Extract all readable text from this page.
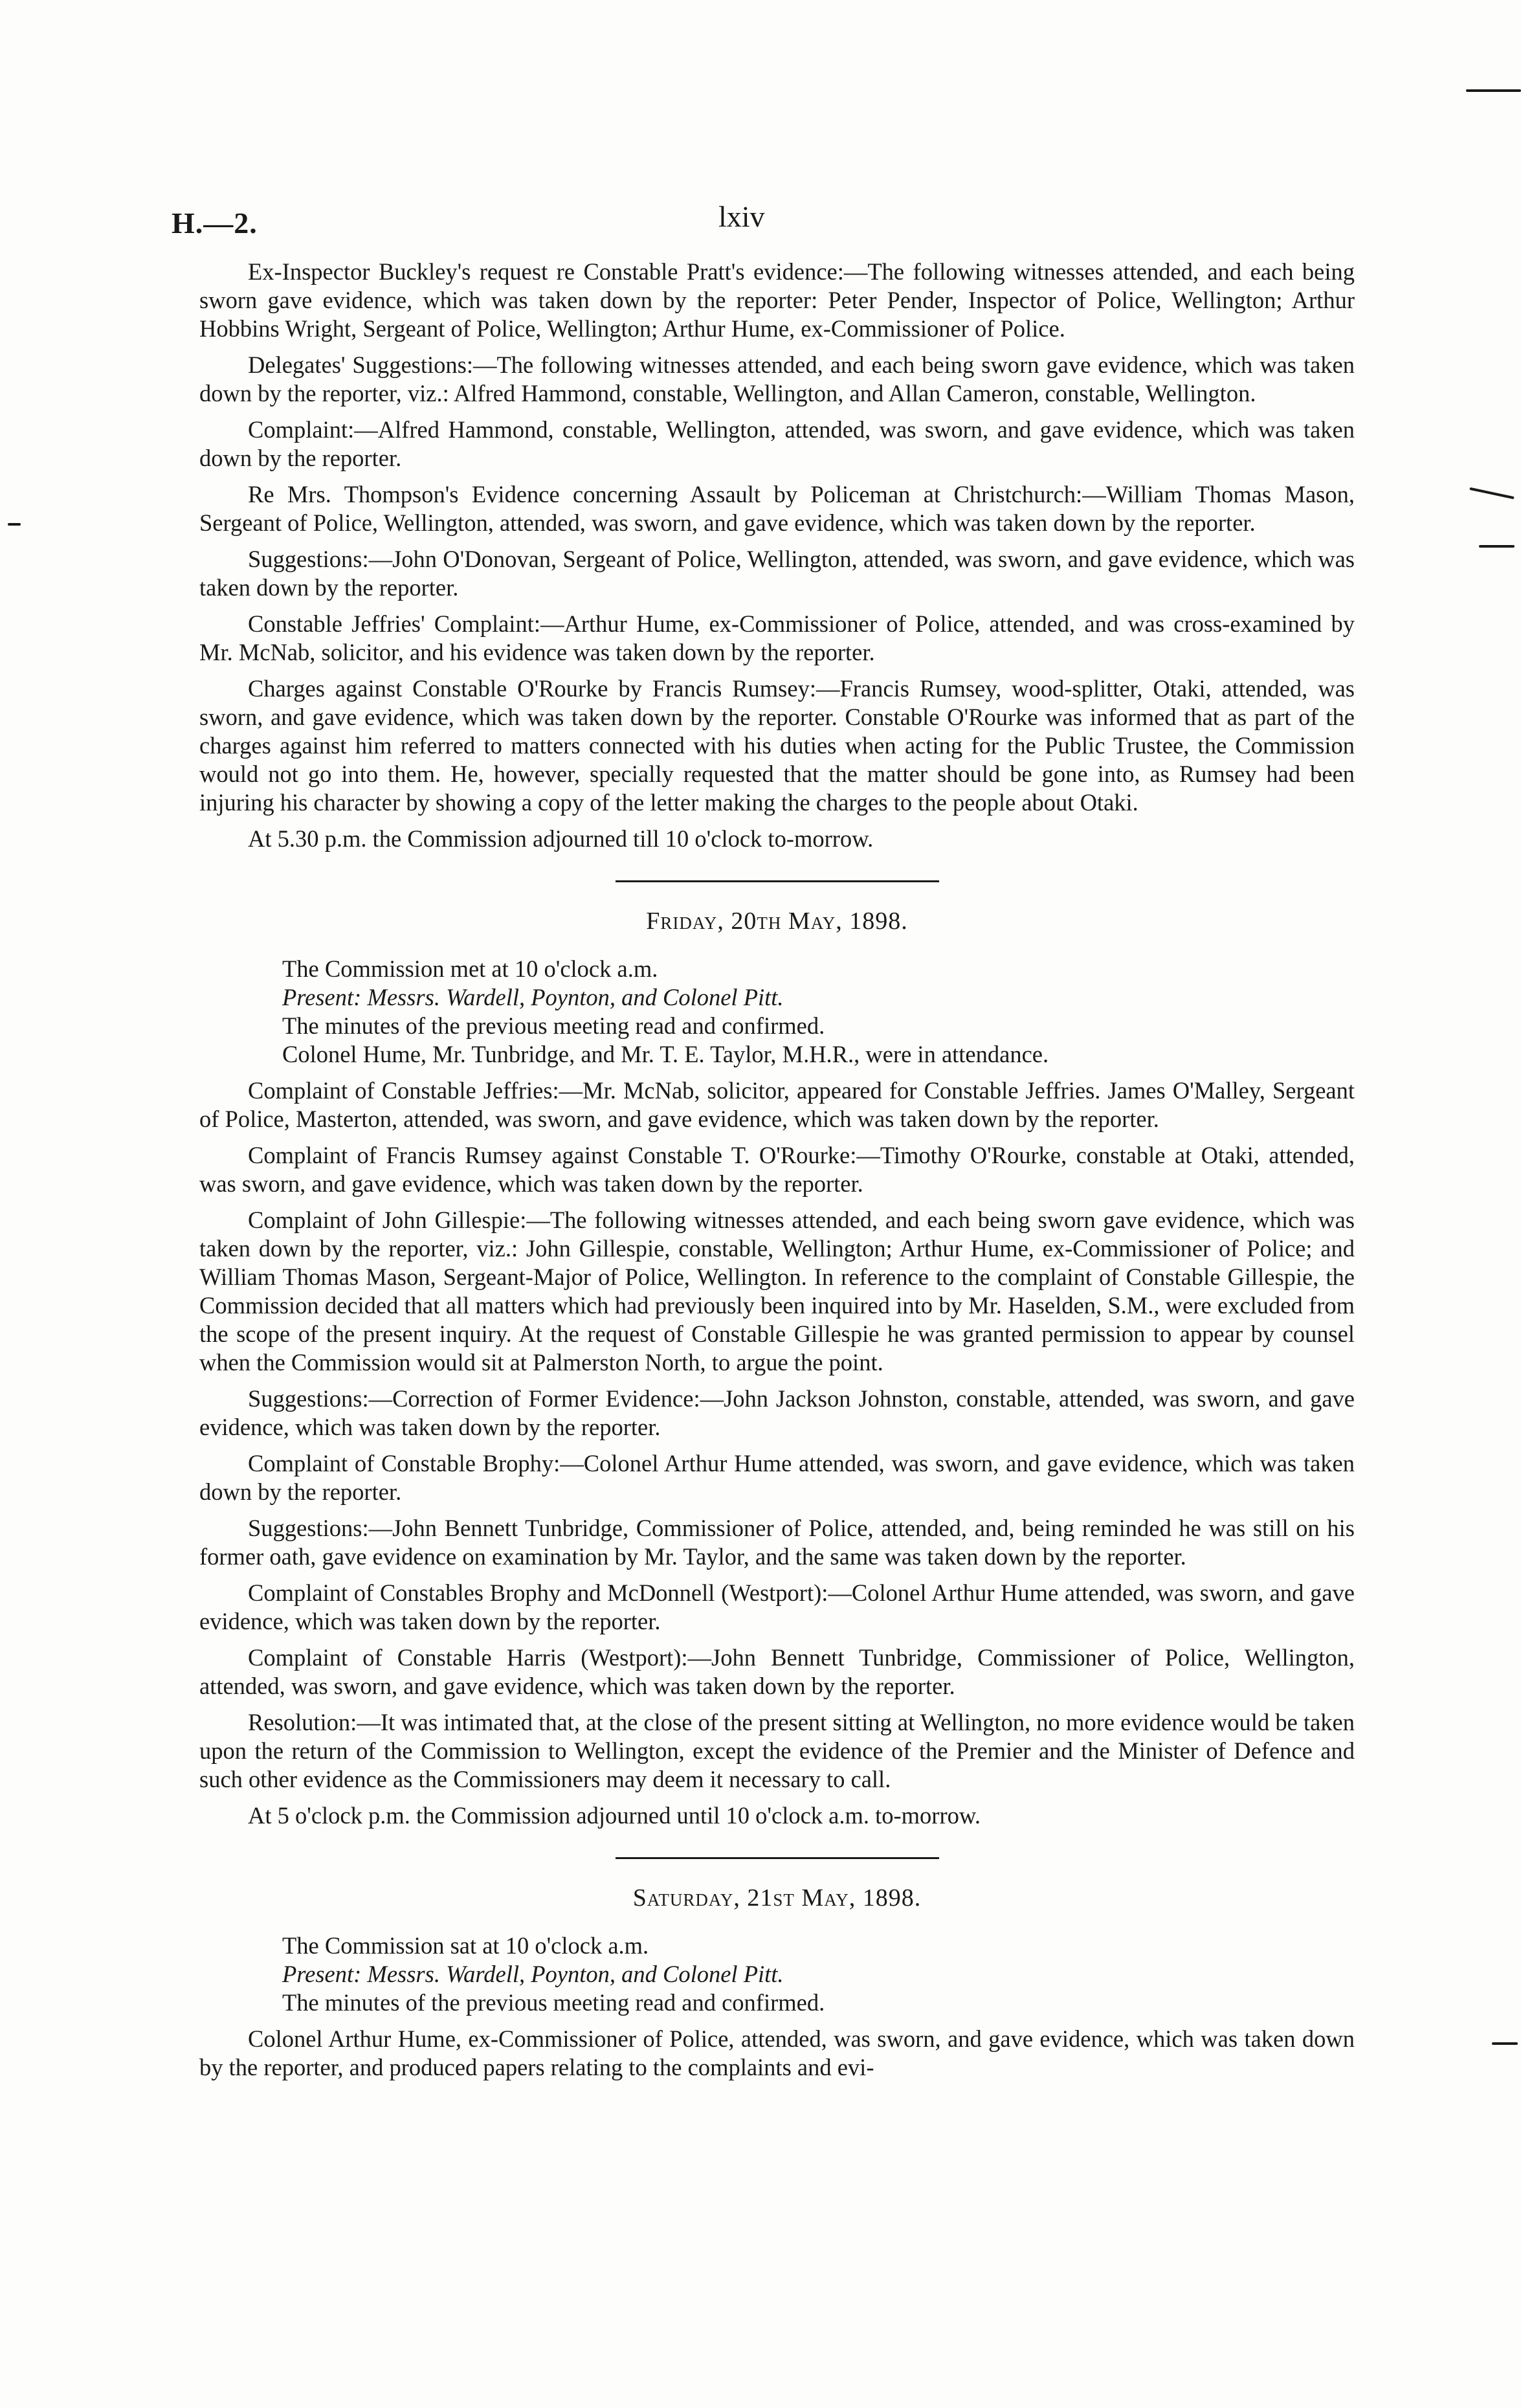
H.—2.	lxiv

Ex-Inspector Buckley's request re Constable Pratt's evidence:—The following witnesses attended, and each being sworn gave evidence, which was taken down by the reporter: Peter Pender, Inspector of Police, Wellington; Arthur Hobbins Wright, Sergeant of Police, Wellington; Arthur Hume, ex-Commissioner of Police.

Delegates' Suggestions:—The following witnesses attended, and each being sworn gave evidence, which was taken down by the reporter, viz.: Alfred Hammond, constable, Wellington, and Allan Cameron, constable, Wellington.

Complaint:—Alfred Hammond, constable, Wellington, attended, was sworn, and gave evidence, which was taken down by the reporter.

Re Mrs. Thompson's Evidence concerning Assault by Policeman at Christchurch:—William Thomas Mason, Sergeant of Police, Wellington, attended, was sworn, and gave evidence, which was taken down by the reporter.

Suggestions:—John O'Donovan, Sergeant of Police, Wellington, attended, was sworn, and gave evidence, which was taken down by the reporter.

Constable Jeffries' Complaint:—Arthur Hume, ex-Commissioner of Police, attended, and was cross-examined by Mr. McNab, solicitor, and his evidence was taken down by the reporter.

Charges against Constable O'Rourke by Francis Rumsey:—Francis Rumsey, wood-splitter, Otaki, attended, was sworn, and gave evidence, which was taken down by the reporter. Constable O'Rourke was informed that as part of the charges against him referred to matters connected with his duties when acting for the Public Trustee, the Commission would not go into them. He, however, specially requested that the matter should be gone into, as Rumsey had been injuring his character by showing a copy of the letter making the charges to the people about Otaki.

At 5.30 p.m. the Commission adjourned till 10 o'clock to-morrow.

Friday, 20th May, 1898.

The Commission met at 10 o'clock a.m.

Present: Messrs. Wardell, Poynton, and Colonel Pitt.

The minutes of the previous meeting read and confirmed.

Colonel Hume, Mr. Tunbridge, and Mr. T. E. Taylor, M.H.R., were in attendance.

Complaint of Constable Jeffries:—Mr. McNab, solicitor, appeared for Constable Jeffries. James O'Malley, Sergeant of Police, Masterton, attended, was sworn, and gave evidence, which was taken down by the reporter.

Complaint of Francis Rumsey against Constable T. O'Rourke:—Timothy O'Rourke, constable at Otaki, attended, was sworn, and gave evidence, which was taken down by the reporter.

Complaint of John Gillespie:—The following witnesses attended, and each being sworn gave evidence, which was taken down by the reporter, viz.: John Gillespie, constable, Wellington; Arthur Hume, ex-Commissioner of Police; and William Thomas Mason, Sergeant-Major of Police, Wellington. In reference to the complaint of Constable Gillespie, the Commission decided that all matters which had previously been inquired into by Mr. Haselden, S.M., were excluded from the scope of the present inquiry. At the request of Constable Gillespie he was granted permission to appear by counsel when the Commission would sit at Palmerston North, to argue the point.

Suggestions:—Correction of Former Evidence:—John Jackson Johnston, constable, attended, was sworn, and gave evidence, which was taken down by the reporter.

Complaint of Constable Brophy:—Colonel Arthur Hume attended, was sworn, and gave evidence, which was taken down by the reporter.

Suggestions:—John Bennett Tunbridge, Commissioner of Police, attended, and, being reminded he was still on his former oath, gave evidence on examination by Mr. Taylor, and the same was taken down by the reporter.

Complaint of Constables Brophy and McDonnell (Westport):—Colonel Arthur Hume attended, was sworn, and gave evidence, which was taken down by the reporter.

Complaint of Constable Harris (Westport):—John Bennett Tunbridge, Commissioner of Police, Wellington, attended, was sworn, and gave evidence, which was taken down by the reporter.

Resolution:—It was intimated that, at the close of the present sitting at Wellington, no more evidence would be taken upon the return of the Commission to Wellington, except the evidence of the Premier and the Minister of Defence and such other evidence as the Commissioners may deem it necessary to call.

At 5 o'clock p.m. the Commission adjourned until 10 o'clock a.m. to-morrow.

Saturday, 21st May, 1898.

The Commission sat at 10 o'clock a.m.

Present: Messrs. Wardell, Poynton, and Colonel Pitt.

The minutes of the previous meeting read and confirmed.

Colonel Arthur Hume, ex-Commissioner of Police, attended, was sworn, and gave evidence, which was taken down by the reporter, and produced papers relating to the complaints and evi-
